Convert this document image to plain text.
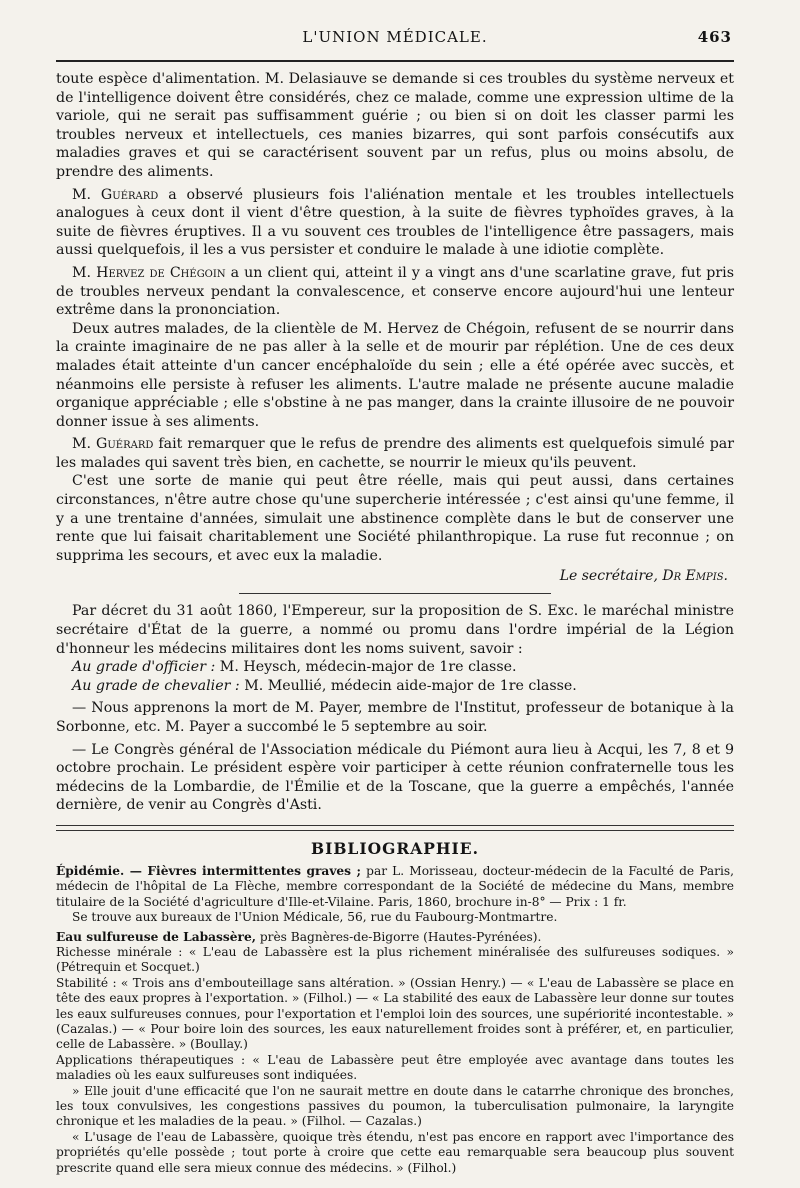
L'UNION MÉDICALE.	463

toute espèce d'alimentation. M. Delasiauve se demande si ces troubles du système nerveux et de l'intelligence doivent être considérés, chez ce malade, comme une expression ultime de la variole, qui ne serait pas suffisamment guérie ; ou bien si on doit les classer parmi les troubles nerveux et intellectuels, ces manies bizarres, qui sont parfois consécutifs aux maladies graves et qui se caractérisent souvent par un refus, plus ou moins absolu, de prendre des aliments.

M. Guérard a observé plusieurs fois l'aliénation mentale et les troubles intellectuels analogues à ceux dont il vient d'être question, à la suite de fièvres typhoïdes graves, à la suite de fièvres éruptives. Il a vu souvent ces troubles de l'intelligence être passagers, mais aussi quelquefois, il les a vus persister et conduire le malade à une idiotie complète.

M. Hervez de Chégoin a un client qui, atteint il y a vingt ans d'une scarlatine grave, fut pris de troubles nerveux pendant la convalescence, et conserve encore aujourd'hui une lenteur extrême dans la prononciation.

Deux autres malades, de la clientèle de M. Hervez de Chégoin, refusent de se nourrir dans la crainte imaginaire de ne pas aller à la selle et de mourir par réplétion. Une de ces deux malades était atteinte d'un cancer encéphaloïde du sein ; elle a été opérée avec succès, et néanmoins elle persiste à refuser les aliments. L'autre malade ne présente aucune maladie organique appréciable ; elle s'obstine à ne pas manger, dans la crainte illusoire de ne pouvoir donner issue à ses aliments.

M. Guérard fait remarquer que le refus de prendre des aliments est quelquefois simulé par les malades qui savent très bien, en cachette, se nourrir le mieux qu'ils peuvent.

C'est une sorte de manie qui peut être réelle, mais qui peut aussi, dans certaines circonstances, n'être autre chose qu'une supercherie intéressée ; c'est ainsi qu'une femme, il y a une trentaine d'années, simulait une abstinence complète dans le but de conserver une rente que lui faisait charitablement une Société philanthropique. La ruse fut reconnue ; on supprima les secours, et avec eux la maladie.

Le secrétaire, Dr Empis.

Par décret du 31 août 1860, l'Empereur, sur la proposition de S. Exc. le maréchal ministre secrétaire d'État de la guerre, a nommé ou promu dans l'ordre impérial de la Légion d'honneur les médecins militaires dont les noms suivent, savoir :

Au grade d'officier : M. Heysch, médecin-major de 1re classe.
Au grade de chevalier : M. Meullié, médecin aide-major de 1re classe.

— Nous apprenons la mort de M. Payer, membre de l'Institut, professeur de botanique à la Sorbonne, etc. M. Payer a succombé le 5 septembre au soir.

— Le Congrès général de l'Association médicale du Piémont aura lieu à Acqui, les 7, 8 et 9 octobre prochain. Le président espère voir participer à cette réunion confraternelle tous les médecins de la Lombardie, de l'Émilie et de la Toscane, que la guerre a empêchés, l'année dernière, de venir au Congrès d'Asti.

BIBLIOGRAPHIE.

Épidémie. — Fièvres intermittentes graves ; par L. Morisseau, docteur-médecin de la Faculté de Paris, médecin de l'hôpital de La Flèche, membre correspondant de la Société de médecine du Mans, membre titulaire de la Société d'agriculture d'Ille-et-Vilaine. Paris, 1860, brochure in-8° — Prix : 1 fr.

Se trouve aux bureaux de l'Union Médicale, 56, rue du Faubourg-Montmartre.

Eau sulfureuse de Labassère, près Bagnères-de-Bigorre (Hautes-Pyrénées).

Richesse minérale : « L'eau de Labassère est la plus richement minéralisée des sulfureuses sodiques. » (Pétrequin et Socquet.)

Stabilité : « Trois ans d'embouteillage sans altération. » (Ossian Henry.) — « L'eau de Labassère se place en tête des eaux propres à l'exportation. » (Filhol.) — « La stabilité des eaux de Labassère leur donne sur toutes les eaux sulfureuses connues, pour l'exportation et l'emploi loin des sources, une supériorité incontestable. » (Cazalas.) — « Pour boire loin des sources, les eaux naturellement froides sont à préférer, et, en particulier, celle de Labassère. » (Boullay.)

Applications thérapeutiques : « L'eau de Labassère peut être employée avec avantage dans toutes les maladies où les eaux sulfureuses sont indiquées.

» Elle jouit d'une efficacité que l'on ne saurait mettre en doute dans le catarrhe chronique des bronches, les toux convulsives, les congestions passives du poumon, la tuberculisation pulmonaire, la laryngite chronique et les maladies de la peau. » (Filhol. — Cazalas.)

« L'usage de l'eau de Labassère, quoique très étendu, n'est pas encore en rapport avec l'importance des propriétés qu'elle possède ; tout porte à croire que cette eau remarquable sera beaucoup plus souvent prescrite quand elle sera mieux connue des médecins. » (Filhol.)
